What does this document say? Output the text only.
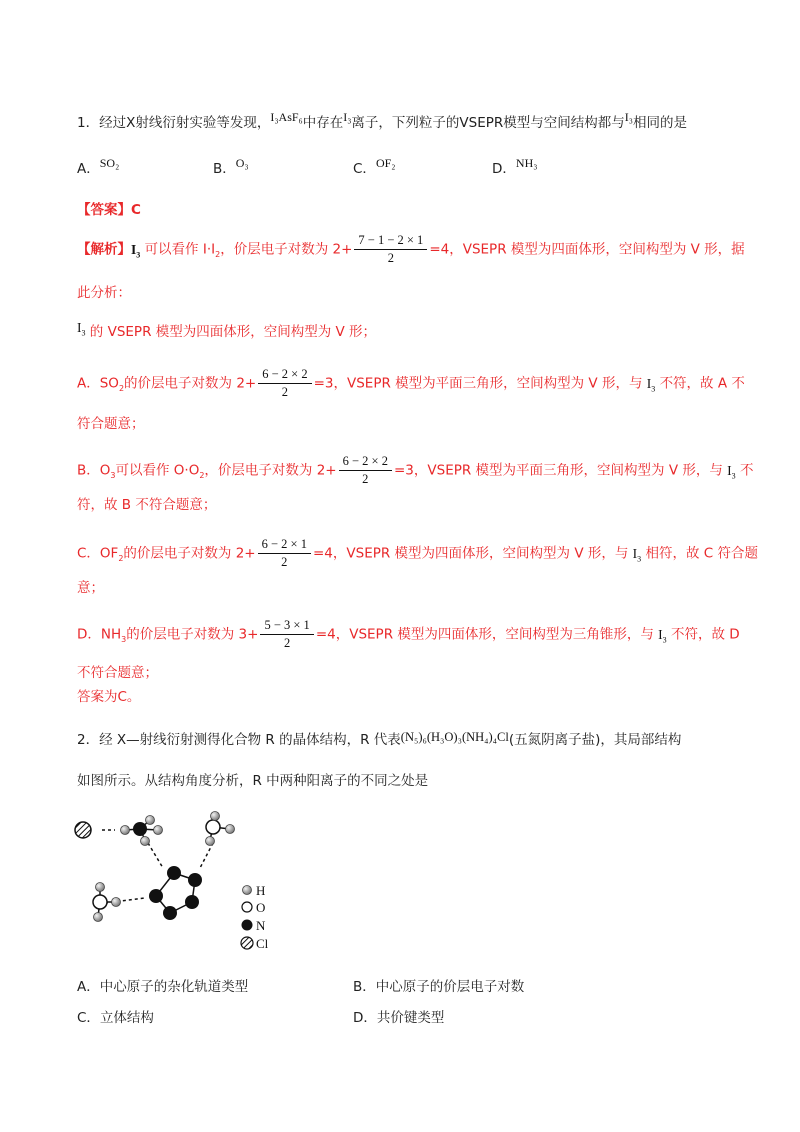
1．经过X射线衍射实验等发现，I₃AsF₆中存在I₃离子，下列粒子的VSEPR模型与空间结构都与I₃相同的是
A．SO₂	B．O₃	C．OF₂	D．NH₃
【答案】C
【解析】$I_3$ 可以看作 $I\cdot I_2$，价层电子对数为 $2+ \frac{7 - 1 - 2 \times 1}{2} =4$，VSEPR 模型为四面体形，空间构型为 V 形，据
此分析：
$I_3$ 的 VSEPR 模型为四面体形，空间构型为 V 形；
A．$SO_2$的价层电子对数为 $2+ \frac{6 - 2 \times 2}{2} =3$，VSEPR 模型为平面三角形，空间构型为 V 形，与 $I_3$ 不符，故 A 不
符合题意；
B．$O_3$可以看作 $O\cdot O_2$，价层电子对数为 $2+ \frac{6 - 2 \times 2}{2} =3$，VSEPR 模型为平面三角形，空间构型为 V 形，与 $I_3$ 不
符，故 B 不符合题意；
C．$OF_2$的价层电子对数为 $2+ \frac{6 - 2 \times 1}{2} =4$，VSEPR 模型为四面体形，空间构型为 V 形，与 $I_3$ 相符，故 C 符合题
意；
D．$NH_3$的价层电子对数为 $3+ \frac{5 - 3 \times 1}{2} =4$，VSEPR 模型为四面体形，空间构型为三角锥形，与 $I_3$ 不符，故 D
不符合题意；
答案为C。
2．经 X—射线衍射测得化合物 R 的晶体结构，R 代表(N₅)₆(H₃O)₃(NH₄)₄Cl(五氮阴离子盐)，其局部结构
如图所示。从结构角度分析，R 中两种阳离子的不同之处是
H
O
N
Cl
A．中心原子的杂化轨道类型	B．中心原子的价层电子对数
C．立体结构	D．共价键类型
